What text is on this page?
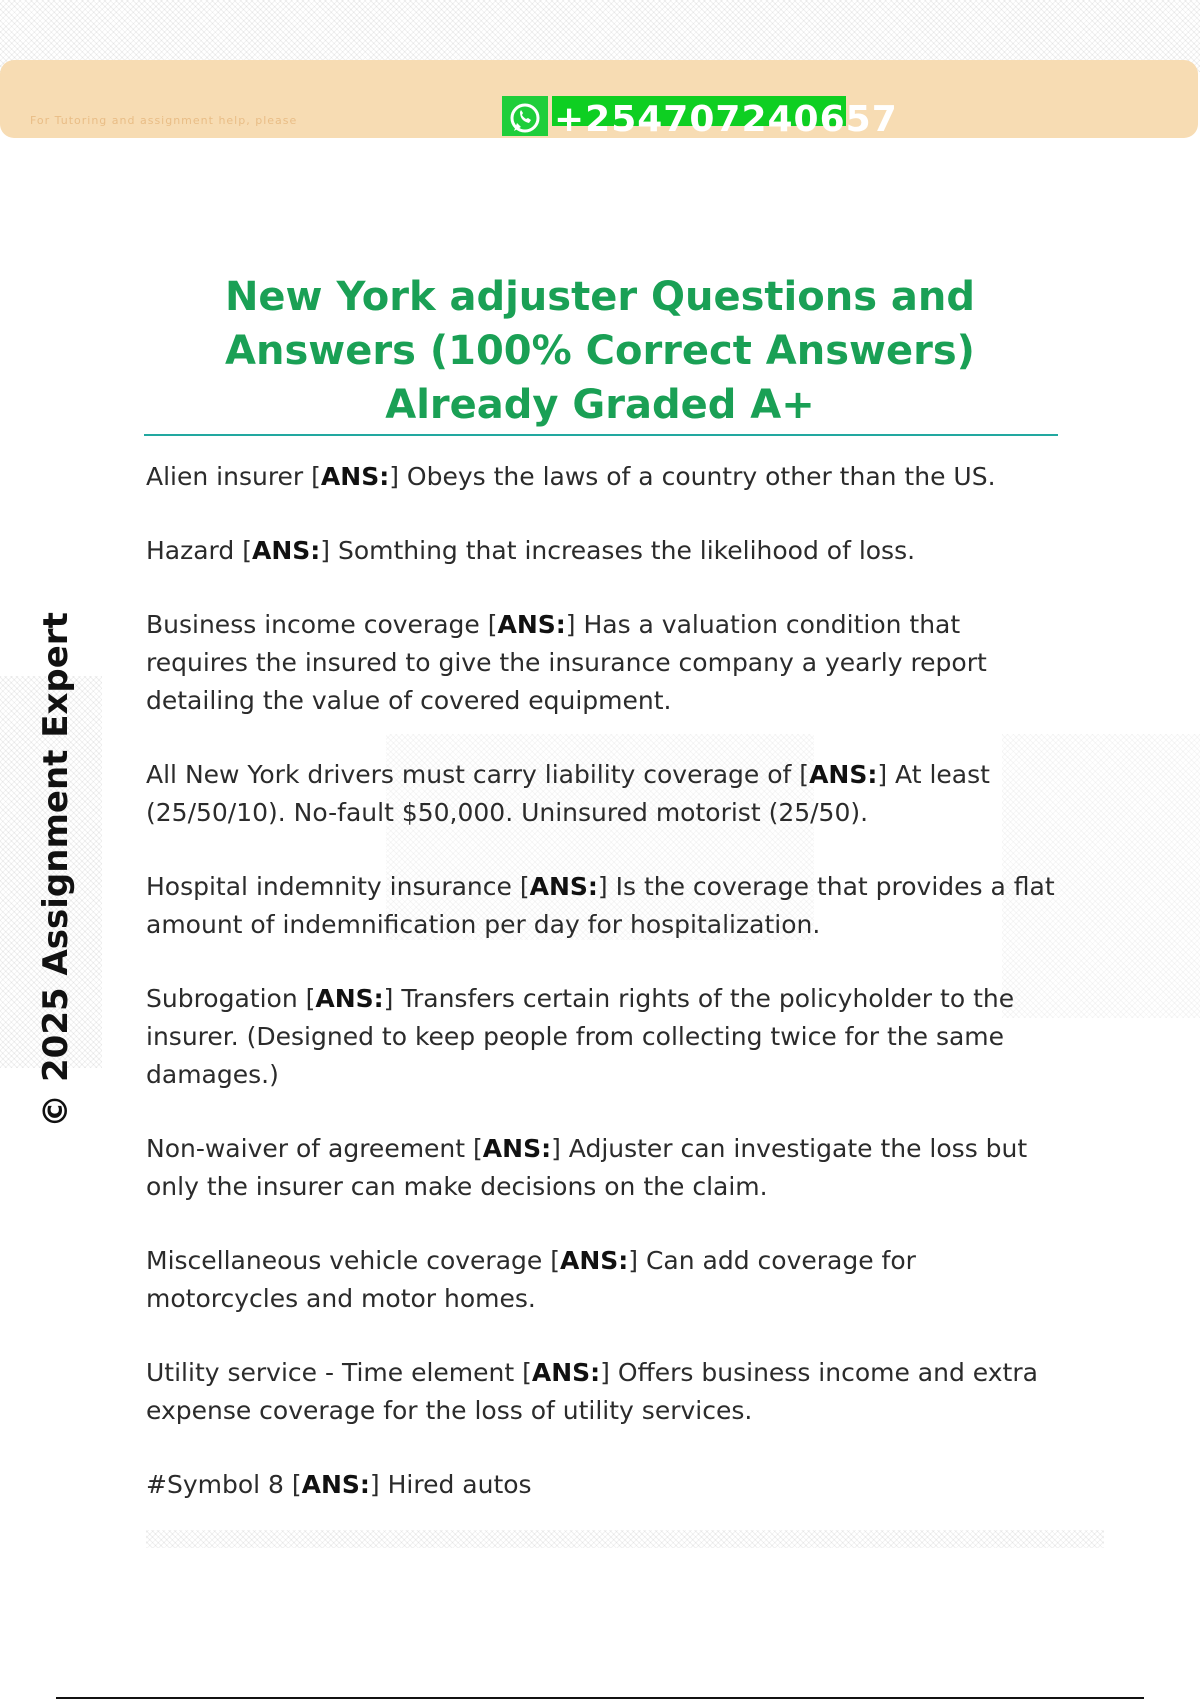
For Tutoring and assignment help, please	+254707240657
© 2025 Assignment Expert
New York adjuster Questions and Answers (100% Correct Answers) Already Graded A+
Alien insurer [ANS:] Obeys the laws of a country other than the US.
Hazard [ANS:] Somthing that increases the likelihood of loss.
Business income coverage [ANS:] Has a valuation condition that requires the insured to give the insurance company a yearly report detailing the value of covered equipment.
All New York drivers must carry liability coverage of [ANS:] At least (25/50/10). No-fault $50,000. Uninsured motorist (25/50).
Hospital indemnity insurance [ANS:] Is the coverage that provides a flat amount of indemnification per day for hospitalization.
Subrogation [ANS:] Transfers certain rights of the policyholder to the insurer. (Designed to keep people from collecting twice for the same damages.)
Non-waiver of agreement [ANS:] Adjuster can investigate the loss but only the insurer can make decisions on the claim.
Miscellaneous vehicle coverage [ANS:] Can add coverage for motorcycles and motor homes.
Utility service - Time element [ANS:] Offers business income and extra expense coverage for the loss of utility services.
#Symbol 8 [ANS:] Hired autos
